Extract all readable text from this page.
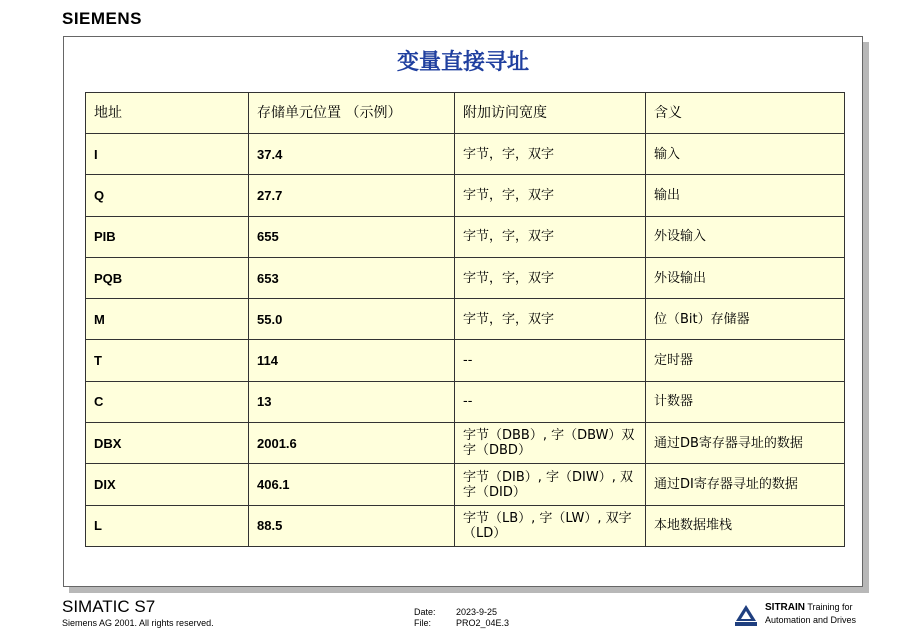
SIEMENS
变量直接寻址
地址	存储单元位置 （示例）	附加访问宽度	含义
I	37.4	字节，字，双字	输入
Q	27.7	字节，字，双字	输出
PIB	655	字节，字，双字	外设输入
PQB	653	字节，字，双字	外设输出
M	55.0	字节，字，双字	位（Bit）存储器
T	114	--	定时器
C	13	--	计数器
DBX	2001.6	字节（DBB）, 字（DBW）双字（DBD）	通过DB寄存器寻址的数据
DIX	406.1	字节（DIB）, 字（DIW）, 双字（DID）	通过DI寄存器寻址的数据
L	88.5	字节（LB）, 字（LW）, 双字 （LD）	本地数据堆栈
SIMATIC S7
Siemens AG 2001. All rights reserved.
Date: 2023-9-25
File:	PRO2_04E.3
SITRAIN Training for
Automation and Drives
